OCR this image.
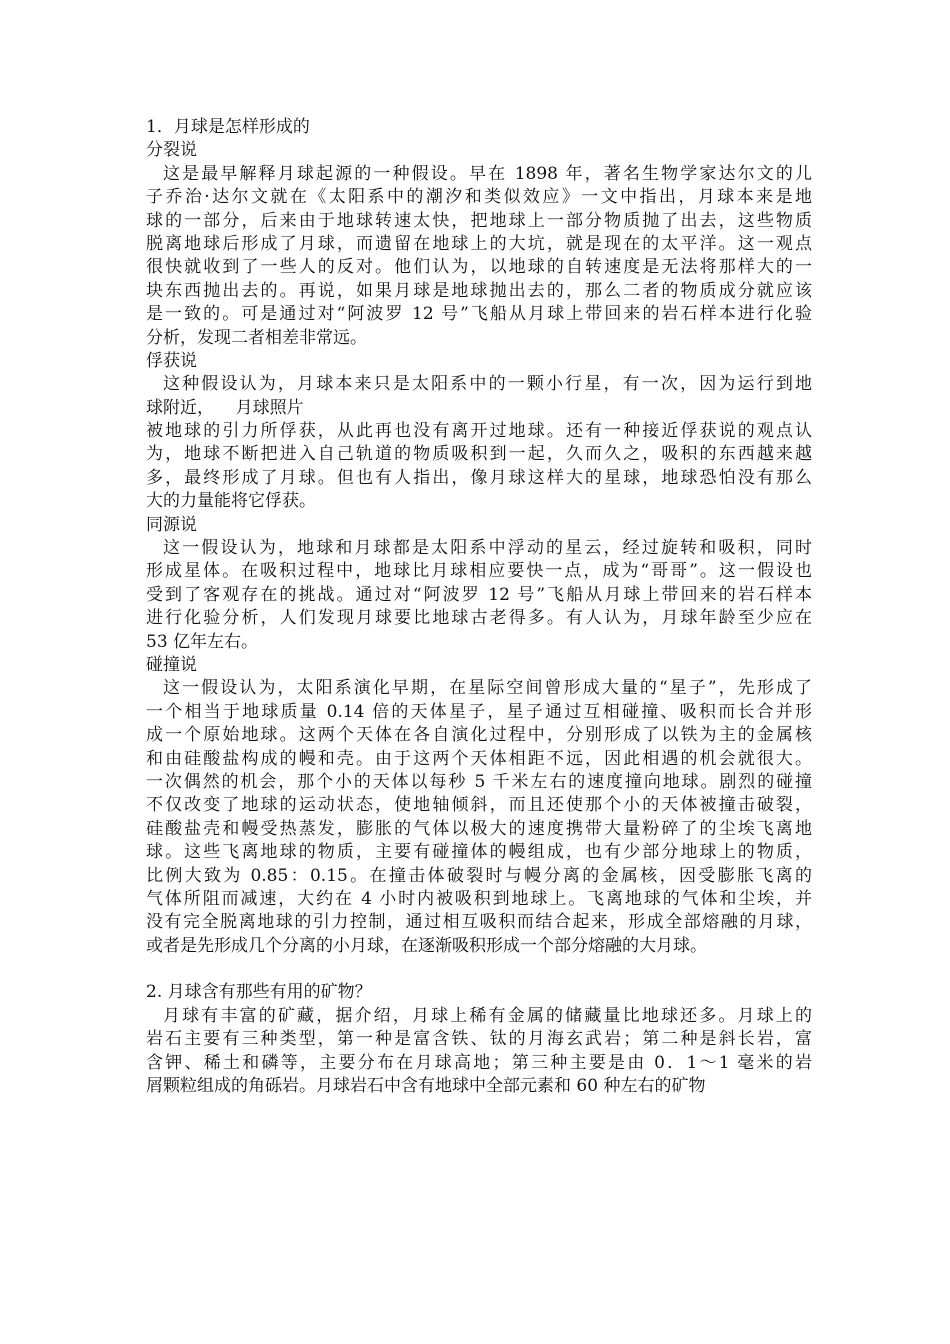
1．月球是怎样形成的
分裂说
这是最早解释月球起源的一种假设。早在 1898 年，著名生物学家达尔文的儿
子乔治·达尔文就在《太阳系中的潮汐和类似效应》一文中指出，月球本来是地
球的一部分，后来由于地球转速太快，把地球上一部分物质抛了出去，这些物质
脱离地球后形成了月球，而遗留在地球上的大坑，就是现在的太平洋。这一观点
很快就收到了一些人的反对。他们认为，以地球的自转速度是无法将那样大的一
块东西抛出去的。再说，如果月球是地球抛出去的，那么二者的物质成分就应该
是一致的。可是通过对“阿波罗 12 号”飞船从月球上带回来的岩石样本进行化验
分析，发现二者相差非常远。
俘获说
这种假设认为，月球本来只是太阳系中的一颗小行星，有一次，因为运行到地
球附近，    月球照片
被地球的引力所俘获，从此再也没有离开过地球。还有一种接近俘获说的观点认
为，地球不断把进入自己轨道的物质吸积到一起，久而久之，吸积的东西越来越
多，最终形成了月球。但也有人指出，像月球这样大的星球，地球恐怕没有那么
大的力量能将它俘获。
同源说
这一假设认为，地球和月球都是太阳系中浮动的星云，经过旋转和吸积，同时
形成星体。在吸积过程中，地球比月球相应要快一点，成为“哥哥”。这一假设也
受到了客观存在的挑战。通过对“阿波罗 12 号”飞船从月球上带回来的岩石样本
进行化验分析，人们发现月球要比地球古老得多。有人认为，月球年龄至少应在
53 亿年左右。
碰撞说
这一假设认为，太阳系演化早期，在星际空间曾形成大量的“星子”，先形成了
一个相当于地球质量 0.14 倍的天体星子，星子通过互相碰撞、吸积而长合并形
成一个原始地球。这两个天体在各自演化过程中，分别形成了以铁为主的金属核
和由硅酸盐构成的幔和壳。由于这两个天体相距不远，因此相遇的机会就很大。
一次偶然的机会，那个小的天体以每秒 5 千米左右的速度撞向地球。剧烈的碰撞
不仅改变了地球的运动状态，使地轴倾斜，而且还使那个小的天体被撞击破裂，
硅酸盐壳和幔受热蒸发，膨胀的气体以极大的速度携带大量粉碎了的尘埃飞离地
球。这些飞离地球的物质，主要有碰撞体的幔组成，也有少部分地球上的物质，
比例大致为 0.85：0.15。在撞击体破裂时与幔分离的金属核，因受膨胀飞离的
气体所阻而减速，大约在 4 小时内被吸积到地球上。飞离地球的气体和尘埃，并
没有完全脱离地球的引力控制，通过相互吸积而结合起来，形成全部熔融的月球，
或者是先形成几个分离的小月球，在逐渐吸积形成一个部分熔融的大月球。
2. 月球含有那些有用的矿物？
月球有丰富的矿藏，据介绍，月球上稀有金属的储藏量比地球还多。月球上的
岩石主要有三种类型，第一种是富含铁、钛的月海玄武岩；第二种是斜长岩，富
含钾、稀土和磷等，主要分布在月球高地；第三种主要是由 0．1～1 毫米的岩
屑颗粒组成的角砾岩。月球岩石中含有地球中全部元素和 60 种左右的矿物
